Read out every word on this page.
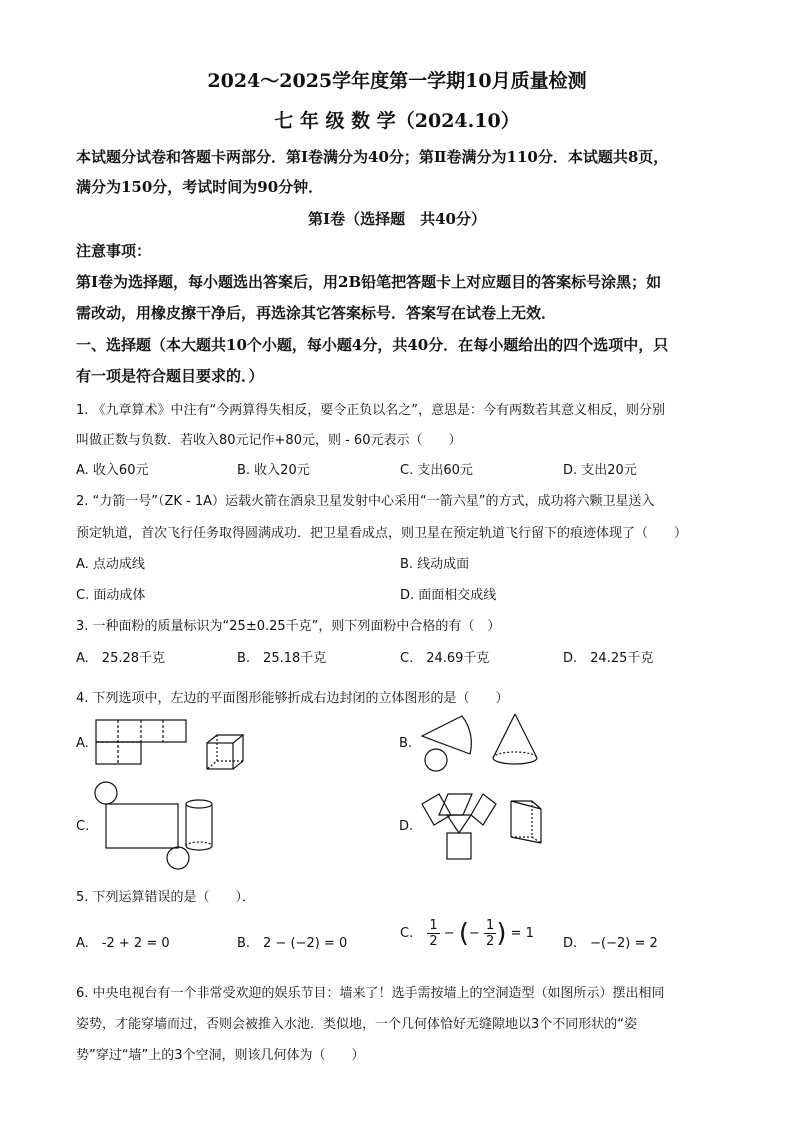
2024～2025学年度第一学期10月质量检测
七 年 级 数 学（2024.10）
本试题分试卷和答题卡两部分．第Ⅰ卷满分为40分；第Ⅱ卷满分为110分．本试题共8页，
满分为150分，考试时间为90分钟．
第Ⅰ卷（选择题　共40分）
注意事项：
第Ⅰ卷为选择题，每小题选出答案后，用2B铅笔把答题卡上对应题目的答案标号涂黑；如
需改动，用橡皮擦干净后，再选涂其它答案标号．答案写在试卷上无效．
一、选择题（本大题共10个小题，每小题4分，共40分．在每小题给出的四个选项中，只
有一项是符合题目要求的．）
1. 《九章算术》中注有“今两算得失相反，要令正负以名之”，意思是：今有两数若其意义相反，则分别
叫做正数与负数．若收入80元记作+80元，则 - 60元表示（　　）
A. 收入60元	B. 收入20元	C. 支出60元	D. 支出20元
2. “力箭一号”（ZK - 1A）运载火箭在酒泉卫星发射中心采用“一箭六星”的方式，成功将六颗卫星送入
预定轨道，首次飞行任务取得圆满成功．把卫星看成点，则卫星在预定轨道飞行留下的痕迹体现了（　　）
A. 点动成线	B. 线动成面
C. 面动成体	D. 面面相交成线
3. 一种面粉的质量标识为“25±0.25千克”，则下列面粉中合格的有（　）
A.　25.28千克	B.　25.18千克	C.　24.69千克	D.　24.25千克
4. 下列选项中，左边的平面图形能够折成右边封闭的立体图形的是（　　）
A.	B.
C.	D.
5. 下列运算错误的是（　　）．
A.　-2 + 2 = 0	B.　2 − (−2) = 0
C. $\frac{1}{2}$ − (− $\frac{1}{2}$ ) = 1
D.　−(−2) = 2
6. 中央电视台有一个非常受欢迎的娱乐节目：墙来了！选手需按墙上的空洞造型（如图所示）摆出相同
姿势，才能穿墙而过，否则会被推入水池．类似地，一个几何体恰好无缝隙地以3个不同形状的“姿
势”穿过“墙”上的3个空洞，则该几何体为（　　）
